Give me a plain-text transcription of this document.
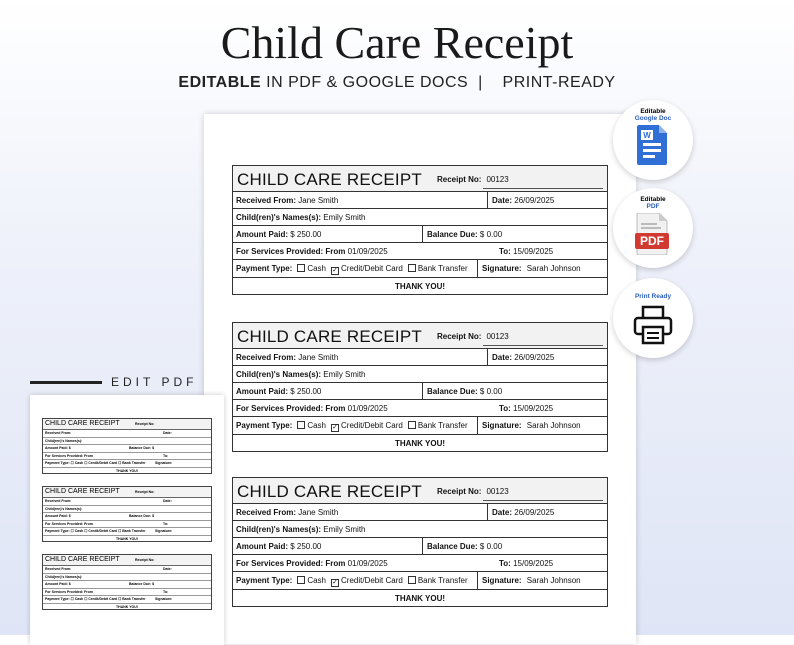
Child Care Receipt
EDITABLE IN PDF & GOOGLE DOCS  |    PRINT-READY
CHILD CARE RECEIPT Receipt No: 00123
Received From: Jane Smith	Date: 26/09/2025
Child(ren)'s Names(s): Emily Smith
Amount Paid: $ 250.00	Balance Due: $ 0.00
For Services Provided: From 01/09/2025	To: 15/09/2025
Payment Type: Cash ✓ Credit/Debit Card Bank Transfer Signature: Sarah Johnson
THANK YOU!
CHILD CARE RECEIPT Receipt No: 00123
Received From: Jane Smith	Date: 26/09/2025
Child(ren)'s Names(s): Emily Smith
Amount Paid: $ 250.00	Balance Due: $ 0.00
For Services Provided: From 01/09/2025	To: 15/09/2025
Payment Type: Cash ✓ Credit/Debit Card Bank Transfer Signature: Sarah Johnson
THANK YOU!
CHILD CARE RECEIPT Receipt No: 00123
Received From: Jane Smith	Date: 26/09/2025
Child(ren)'s Names(s): Emily Smith
Amount Paid: $ 250.00	Balance Due: $ 0.00
For Services Provided: From 01/09/2025	To: 15/09/2025
Payment Type: Cash ✓ Credit/Debit Card Bank Transfer Signature: Sarah Johnson
THANK YOU!
EDIT PDF
CHILD CARE RECEIPT	Receipt No:
Received From:	Date:
Child(ren)'s Names(s):
Amount Paid: $	Balance Due: $
For Services Provided: From	To:
Payment Type: ☐ Cash ☐ Credit/Debit Card ☐ Bank Transfer	Signature:
THANK YOU!
CHILD CARE RECEIPT	Receipt No:
Received From:	Date:
Child(ren)'s Names(s):
Amount Paid: $	Balance Due: $
For Services Provided: From	To:
Payment Type: ☐ Cash ☐ Credit/Debit Card ☐ Bank Transfer	Signature:
THANK YOU!
CHILD CARE RECEIPT	Receipt No:
Received From:	Date:
Child(ren)'s Names(s):
Amount Paid: $	Balance Due: $
For Services Provided: From	To:
Payment Type: ☐ Cash ☐ Credit/Debit Card ☐ Bank Transfer	Signature:
THANK YOU!
Editable
Google Doc
W
Editable
PDF
PDF
Print Ready
